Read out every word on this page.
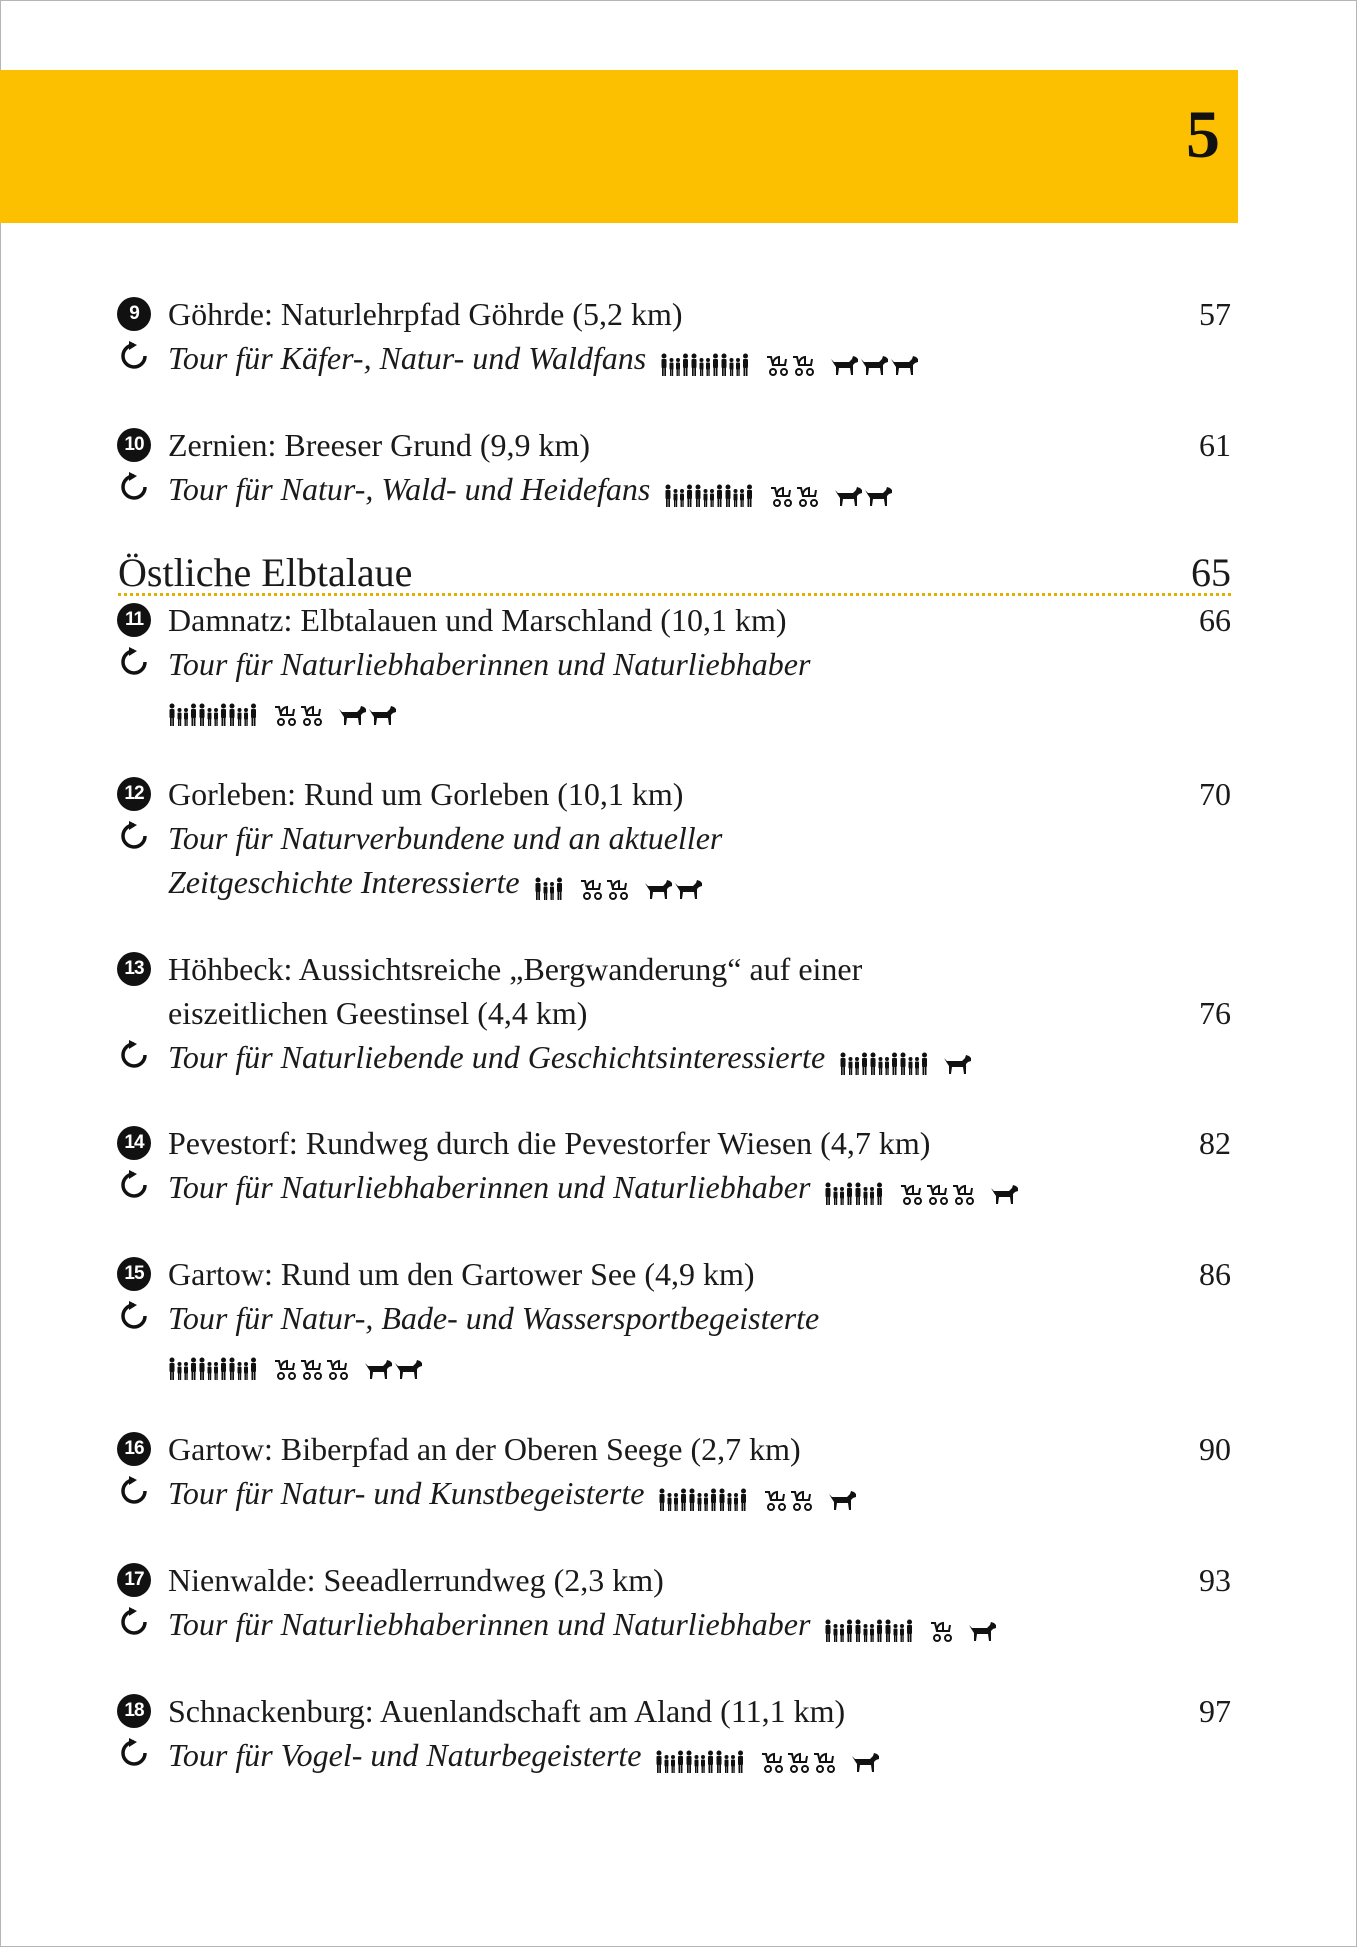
5
9 Göhrde: Naturlehrpfad Göhrde (5,2 km)	57
Tour für Käfer-, Natur- und Waldfans
10 Zernien: Breeser Grund (9,9 km)	61
Tour für Natur-, Wald- und Heidefans
Östliche Elbtalaue	65
11 Damnatz: Elbtalauen und Marschland (10,1 km)	66
Tour für Naturliebhaberinnen und Naturliebhaber
12 Gorleben: Rund um Gorleben (10,1 km)	70
Tour für Naturverbundene und an aktueller
Zeitgeschichte Interessierte
13 Höhbeck: Aussichtsreiche „Bergwanderung“ auf einer
eiszeitlichen Geestinsel (4,4 km)	76
Tour für Naturliebende und Geschichtsinteressierte
14 Pevestorf: Rundweg durch die Pevestorfer Wiesen (4,7 km)	82
Tour für Naturliebhaberinnen und Naturliebhaber
15 Gartow: Rund um den Gartower See (4,9 km)	86
Tour für Natur-, Bade- und Wassersportbegeisterte
16 Gartow: Biberpfad an der Oberen Seege (2,7 km)	90
Tour für Natur- und Kunstbegeisterte
17 Nienwalde: Seeadlerrundweg (2,3 km)	93
Tour für Naturliebhaberinnen und Naturliebhaber
18 Schnackenburg: Auenlandschaft am Aland (11,1 km)	97
Tour für Vogel- und Naturbegeisterte
